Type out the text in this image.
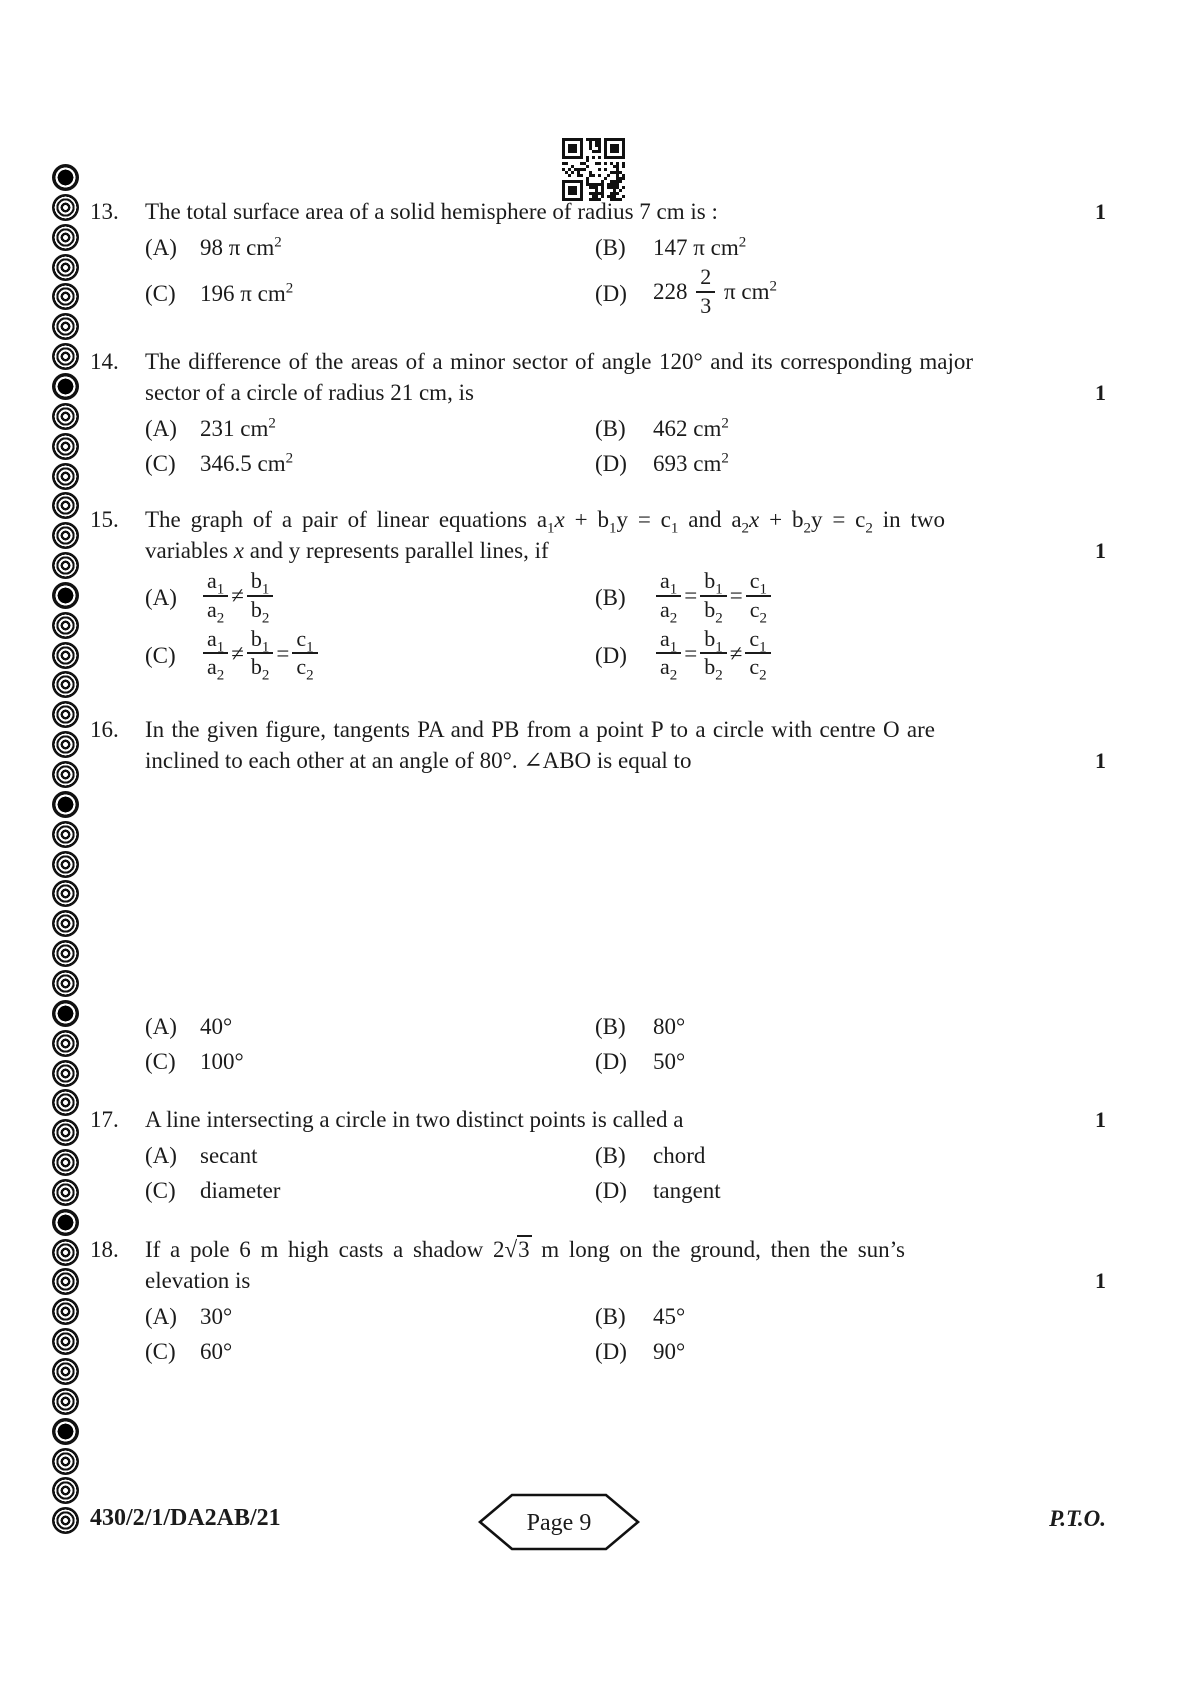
13.	The total surface area of a solid hemisphere of radius 7 cm is :	1
(A)	98 π $cm^2$	(B)	147 π $cm^2$
(C)	196 π $cm^2$	(D)	$228 \frac{2}{3}$ π $cm^2$
14.	The difference of the areas of a minor sector of angle 120° and its corresponding major sector of a circle of radius 21 cm, is	1
(A)	231 $cm^2$	(B)	462 $cm^2$
(C)	346.5 $cm^2$	(D)	693 $cm^2$
15.	The graph of a pair of linear equations $a_1x + b_1y = c_1$ and $a_2x + b_2y = c_2$ in two variables x and y represents parallel lines, if	1
(A)	$\frac{a_1}{a_2} \ne \frac{b_1}{b_2}$	(B)	$\frac{a_1}{a_2} = \frac{b_1}{b_2} = \frac{c_1}{c_2}$
(C)	$\frac{a_1}{a_2} \ne \frac{b_1}{b_2} = \frac{c_1}{c_2}$	(D)	$\frac{a_1}{a_2} = \frac{b_1}{b_2} \ne \frac{c_1}{c_2}$
16.	In the given figure, tangents PA and PB from a point P to a circle with centre O are inclined to each other at an angle of 80°. ∠ABO is equal to	1
(A)	40°	(B)	80°
(C)	100°	(D)	50°
17.	A line intersecting a circle in two distinct points is called a	1
(A)	secant	(B)	chord
(C)	diameter	(D)	tangent
18.	If a pole 6 m high casts a shadow 2√3 m long on the ground, then the sun’s elevation is	1
(A)	30°	(B)	45°
(C)	60°	(D)	90°
430/2/1/DA2AB/21	Page 9	P.T.O.
